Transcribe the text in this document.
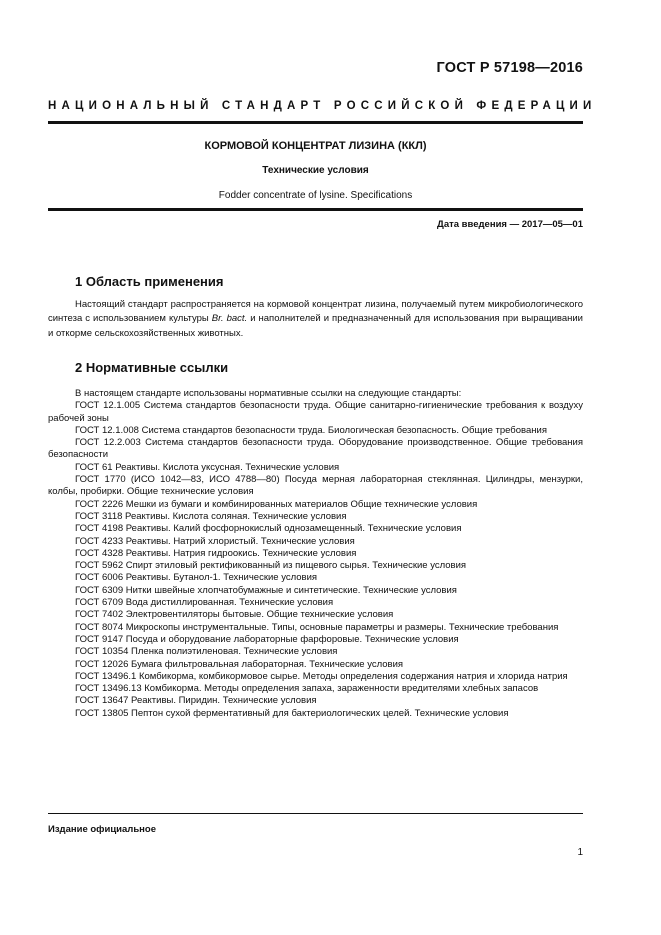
ГОСТ Р 57198—2016
НАЦИОНАЛЬНЫЙ СТАНДАРТ РОССИЙСКОЙ ФЕДЕРАЦИИ
КОРМОВОЙ КОНЦЕНТРАТ ЛИЗИНА (ККЛ)
Технические условия
Fodder concentrate of lysine. Specifications
Дата введения — 2017—05—01
1 Область применения

Настоящий стандарт распространяется на кормовой концентрат лизина, получаемый путем микробиологического синтеза с использованием культуры Br. bact. и наполнителей и предназначенный для использования при выращивании и откорме сельскохозяйственных животных.

2 Нормативные ссылки

В настоящем стандарте использованы нормативные ссылки на следующие стандарты:

ГОСТ 12.1.005 Система стандартов безопасности труда. Общие санитарно-гигиенические требования к воздуху рабочей зоны

ГОСТ 12.1.008 Система стандартов безопасности труда. Биологическая безопасность. Общие требования

ГОСТ 12.2.003 Система стандартов безопасности труда. Оборудование производственное. Общие требования безопасности

ГОСТ 61 Реактивы. Кислота уксусная. Технические условия

ГОСТ 1770 (ИСО 1042—83, ИСО 4788—80) Посуда мерная лабораторная стеклянная. Цилиндры, мензурки, колбы, пробирки. Общие технические условия

ГОСТ 2226 Мешки из бумаги и комбинированных материалов Общие технические условия

ГОСТ 3118 Реактивы. Кислота соляная. Технические условия

ГОСТ 4198 Реактивы. Калий фосфорнокислый однозамещенный. Технические условия

ГОСТ 4233 Реактивы. Натрий хлористый. Технические условия

ГОСТ 4328 Реактивы. Натрия гидроокись. Технические условия

ГОСТ 5962 Спирт этиловый ректификованный из пищевого сырья. Технические условия

ГОСТ 6006 Реактивы. Бутанол-1. Технические условия

ГОСТ 6309 Нитки швейные хлопчатобумажные и синтетические. Технические условия

ГОСТ 6709 Вода дистиллированная. Технические условия

ГОСТ 7402 Электровентиляторы бытовые. Общие технические условия

ГОСТ 8074 Микроскопы инструментальные. Типы, основные параметры и размеры. Технические требования

ГОСТ 9147 Посуда и оборудование лабораторные фарфоровые. Технические условия

ГОСТ 10354 Пленка полиэтиленовая. Технические условия

ГОСТ 12026 Бумага фильтровальная лабораторная. Технические условия

ГОСТ 13496.1 Комбикорма, комбикормовое сырье. Методы определения содержания натрия и хлорида натрия

ГОСТ 13496.13 Комбикорма. Методы определения запаха, зараженности вредителями хлебных запасов

ГОСТ 13647 Реактивы. Пиридин. Технические условия

ГОСТ 13805 Пептон сухой ферментативный для бактериологических целей. Технические условия

Издание официальное
1
